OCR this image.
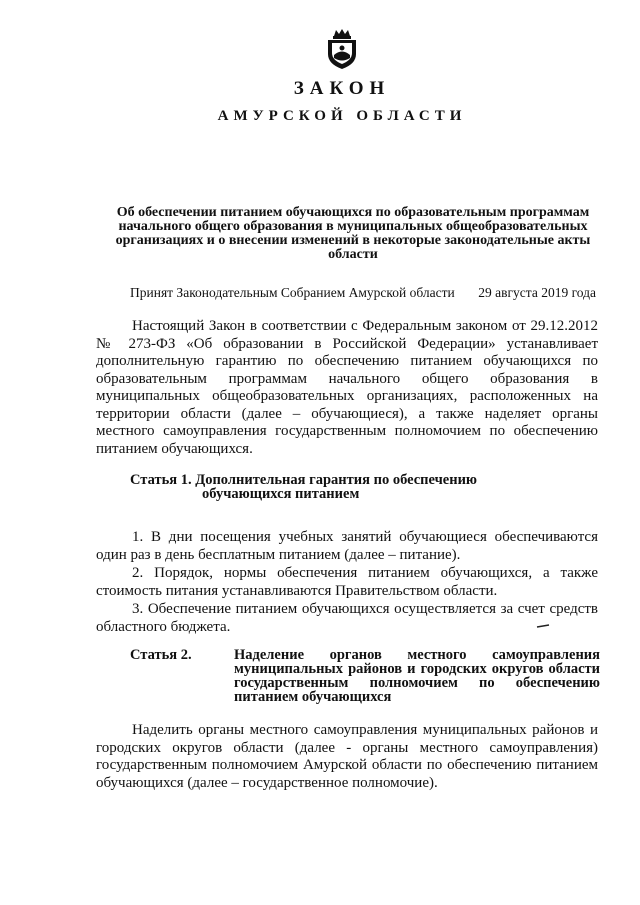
ЗАКОН
АМУРСКОЙ ОБЛАСТИ
Об обеспечении питанием обучающихся по образовательным программам начального общего образования в муниципальных общеобразовательных организациях и о внесении изменений в некоторые законодательные акты области
Принят Законодательным Собранием Амурской области 29 августа 2019 года

Настоящий Закон в соответствии с Федеральным законом от 29.12.2012 № 273-ФЗ «Об образовании в Российской Федерации» устанавливает дополнительную гарантию по обеспечению питанием обучающихся по образовательным программам начального общего образования в муниципальных общеобразовательных организациях, расположенных на территории области (далее – обучающиеся), а также наделяет органы местного самоуправления государственным полномочием по обеспечению питанием обучающихся.

Статья 1. Дополнительная гарантия по обеспечению
обучающихся питанием

1. В дни посещения учебных занятий обучающиеся обеспечиваются один раз в день бесплатным питанием (далее – питание).

2. Порядок, нормы обеспечения питанием обучающихся, а также стоимость питания устанавливаются Правительством области.

3. Обеспечение питанием обучающихся осуществляется за счет средств областного бюджета.

Статья 2.	Наделение органов местного самоуправления муниципальных районов и городских округов области государственным полномочием по обеспечению питанием обучающихся

Наделить органы местного самоуправления муниципальных районов и городских округов области (далее - органы местного самоуправления) государственным полномочием Амурской области по обеспечению питанием обучающихся (далее – государственное полномочие).
